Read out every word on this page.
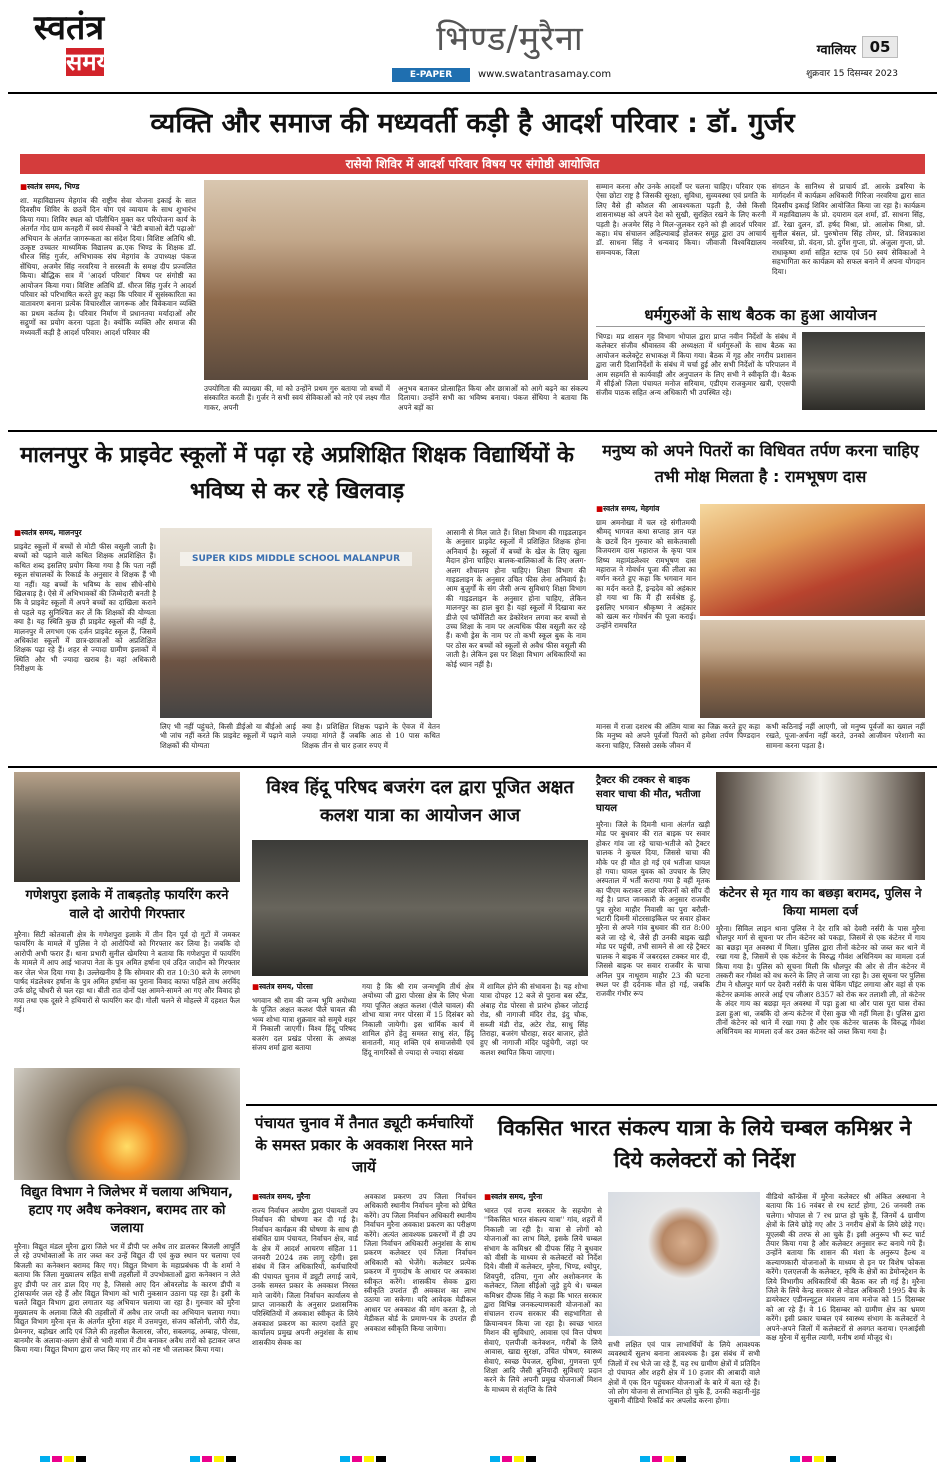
स्वतंत्र
समय
भिण्ड/मुरैना
E-PAPER	www.swatantrasamay.com
ग्वालियर 05
शुक्रवार 15 दिसम्बर 2023
व्यक्ति और समाज की मध्यवर्ती कड़ी है आदर्श परिवार : डॉ. गुर्जर
रासेयो शिविर में आदर्श परिवार विषय पर संगोष्ठी आयोजित
■ स्वतंत्र समय, भिण्ड
शा. महाविद्यालय मेहगांव की राष्ट्रीय सेवा योजना इकाई के सात दिवसीय शिविर के छठवें दिन योग एवं व्यायाम के साथ शुभारंभ किया गया। शिविर स्थल को पॉलीथिन मुक्त कर परियोजना कार्य के अंतर्गत गोद ग्राम कनहरी में स्वयं सेवकों ने 'बेटी बचाओ बेटी पढ़ाओ' अभियान के अंतर्गत जागरूकता का संदेश दिया। विशिष्ट अतिथि श्री. उत्कृष्ट उच्चतर माध्यमिक विद्यालय क्र.एक भिण्ड के शिक्षक डॉ. धीरज सिंह गुर्जर, अभिभावक संघ मेहगांव के उपाध्यक्ष पंकज सेंथिया, अजमेर सिंह नरवरिया ने सरस्वती के समक्ष दीप प्रज्वलित किया। बौद्धिक सत्र में 'आदर्श परिवार' विषय पर संगोष्ठी का आयोजन किया गया। विशिष्ट अतिथि डॉ. धीरज सिंह गुर्जर ने आदर्श परिवार को परिभाषित करते हुए कहा कि परिवार में सुसंस्कारिता का वातावरण बनाना प्रत्येक विचारशील जागरूक और विवेकवान व्यक्ति का प्रथम कर्तव्य है। परिवार निर्माण में प्रधानतया मर्यादाओं और सद्गुणों का प्रयोग करना पड़ता है। क्योंकि व्यक्ति और समाज की मध्यवर्ती कड़ी है आदर्श परिवार। आदर्श परिवार की
उपयोगिता की व्याख्या की, मां को उन्होंने प्रथम गुरु बताया जो बच्चों में संस्कारित करती हैं। गुर्जर ने सभी स्वयं सेविकाओं को नारे एवं लक्ष्य गीत गाकर, अपनी
अनुभव बताकर प्रोत्साहित किया और छात्राओं को आगे बढ़ने का संकल्प दिलाया। उन्होंने सभी का भविष्य बनाया। पंकज सेंथिया ने बताया कि अपने बड़ों का
सम्मान करना और उनके आदर्शों पर चलना चाहिए। परिवार एक ऐसा छोटा राष्ट्र है जिसकी सुरक्षा, सुविधा, सुव्यवस्था एवं प्रगति के लिए वैसे ही कौशल की आवश्यकता पड़ती है, जैसे किसी शासनाध्यक्ष को अपने देश को सुखी, सुरक्षित रखने के लिए करनी पड़ती है। अजमेर सिंह ने मिल-जुलकर रहने को ही आदर्श परिवार कहा। मंच संचालन अहिल्याबाई होलकर समूह द्वारा उप आचार्य डॉ. साधना सिंह ने धन्यवाद किया। जीवाजी विश्वविद्यालय समन्वयक, जिला
संगठन के सानिध्य से प्राचार्य डॉ. आरके डबरिया के मार्गदर्शन में कार्यक्रम अधिकारी गिरिजा नरवरिया द्वारा सात दिवसीय इकाई शिविर आयोजित किया जा रहा है। कार्यक्रम में महाविद्यालय के प्रो. दयाराम दल शर्मा, डॉ. साधना सिंह, डॉ. रेखा दुलन, डॉ. हर्षद मिश्रा, प्रो. आलोक मिश्रा, प्रो. सुनील बंसल, प्रो. पुरुषोत्तम सिंह तोमर, प्रो. शिवप्रकाश नरवरिया, प्रो. वंदना, प्रो. दुर्गेश गुप्ता, प्रो. अंजुला गुप्ता, प्रो. राधाकृष्ण शर्मा सहित स्टाफ एवं 50 स्वयं सेविकाओं ने सहभागिता कर कार्यक्रम को सफल बनाने में अपना योगदान दिया।
धर्मगुरुओं के साथ बैठक का हुआ आयोजन
भिण्ड। मप्र शासन गृह विभाग भोपाल द्वारा प्राप्त नवीन निर्देशों के संबंध में कलेक्टर संजीव श्रीवास्तव की अध्यक्षता में धर्मगुरुओं के साथ बैठक का आयोजन कलेक्ट्रेट सभाकक्ष में किया गया। बैठक में गृह और नगरीय प्रशासन द्वारा जारी दिशानिर्देशों के संबंध में चर्चा हुई और सभी निर्देशों के परिपालन में आम सहमति से कार्यवाही और अनुपालन के लिए सभी ने स्वीकृति दी। बैठक में सीईओ जिला पंचायत मनोज सरियाम, एडीएम राजकुमार खत्री, एएसपी संजीव पाठक सहित अन्य अधिकारी भी उपस्थित रहे।
मालनपुर के प्राइवेट स्कूलों में पढ़ा रहे अप्रशिक्षित शिक्षक विद्यार्थियों के भविष्य से कर रहे खिलवाड़
■ स्वतंत्र समय, मालनपुर
प्राइवेट स्कूलों में बच्चों से मोटी फीस वसूली जाती है। बच्चों को पढ़ाने वाले कथित शिक्षक अप्रशिक्षित हैं। कथित शब्द इसलिए प्रयोग किया गया है कि पता नहीं स्कूल संचालकों के रिकार्ड के अनुसार वे शिक्षक हैं भी या नहीं। यह बच्चों के भविष्य के साथ सीधे-सीधे खिलवाड़ है। ऐसे में अभिभावकों की जिम्मेदारी बनती है कि वे प्राइवेट स्कूलों में अपने बच्चों का दाखिला कराने से पहले यह सुनिश्चित कर लें कि शिक्षकों की योग्यता क्या है। यह स्थिति कुछ ही प्राइवेट स्कूलों की नहीं है, मालनपुर में लगभग एक दर्जन प्राइवेट स्कूल हैं, जिसमें अधिकांश स्कूलों में छात्र-छात्राओं को अप्रशिक्षित शिक्षक पढ़ा रहे हैं। शहर से ज्यादा ग्रामीण इलाकों में स्थिति और भी ज्यादा खराब है। वहां अधिकारी निरीक्षण के
SUPER KIDS MIDDLE SCHOOL MALANPUR
लिए भी नहीं पहुंचते, किसी डीईओ या बीईओ आई भी जांच नहीं करते कि प्राइवेट स्कूलों में पढ़ाने वाले शिक्षकों की योग्यता
क्या है। प्रशिक्षित शिक्षक पढ़ाने के ऐवज में वेतन ज्यादा मांगते हैं जबकि आठ से 10 पास कथित शिक्षक तीन से चार हजार रुपए में
आसानी से मिल जाते हैं। शिक्षा विभाग की गाइडलाइन के अनुसार प्राइवेट स्कूलों में प्रशिक्षित शिक्षक होना अनिवार्य है। स्कूलों में बच्चों के खेल के लिए खुला मैदान होना चाहिए। बालक-बालिकाओं के लिए अलग-अलग शौचालय होना चाहिए। शिक्षा विभाग की गाइडलाइन के अनुसार उचित फीस लेना अनिवार्य है। आम बुज़ुर्गों के संग जैसी अन्य सुविधाएं शिक्षा विभाग की गाइडलाइन के अनुसार होना चाहिए, लेकिन मालनपुर का हाल बुरा है। यहां स्कूलों में दिखावा कर डीजे एवं फॉर्मेलिटी कर डेकोरेशन लगवा कर बच्चों से उच्च शिक्षा के नाम पर अत्यधिक फीस वसूली कर रहे हैं। कभी ड्रेस के नाम पर तो कभी स्कूल बुक के नाम पर ठोस कर बच्चों को स्कूलों से अवैध फीस वसूली की जाती है। लेकिन इस पर शिक्षा विभाग अधिकारियों का कोई ध्यान नहीं है।
मनुष्य को अपने पितरों का विधिवत तर्पण करना चाहिए तभी मोक्ष मिलता है : रामभूषण दास
■ स्वतंत्र समय, मेहगांव
ग्राम अमनोखा में चल रहे संगीतमयी श्रीमद् भागवत कथा सप्ताह ज्ञान यज्ञ के छटवें दिन गुरुवार को साकेतवासी विजयराम दास महाराज के कृपा पात्र शिष्य महामंडलेश्वर रामभूषण दास महाराज ने गोवर्धन पूजा की लीला का वर्णन करते हुए कहा कि भगवान मान का मर्दन करते हैं, इन्द्रदेव को अहंकार हो गया था कि मैं ही सर्वश्रेष्ठ हूं, इसलिए भगवान श्रीकृष्ण ने अहंकार को खत्म कर गोवर्धन की पूजा कराई। उन्होंने रामचरित
मानस में राजा दशरथ की अंतिम यात्रा का जिक्र करते हुए कहा कि मनुष्य को अपने पूर्वजों पितरों को हमेशा तर्पण पिण्डदान करना चाहिए, जिससे उसके जीवन में
कभी कठिनाई नहीं आएगी, जो मनुष्य पूर्वजों का ख्याल नहीं रखते, पूजा-अर्चना नहीं करते, उनको आजीवन परेशानी का सामना करना पड़ता है।
गणेशपुरा इलाके में ताबड़तोड़ फायरिंग करने वाले दो आरोपी गिरफ्तार
मुरैना। सिटी कोतवाली क्षेत्र के गणेशपुरा इलाके में तीन दिन पूर्व दो गुटों में जमकर फायरिंग के मामले में पुलिस ने दो आरोपियों को गिरफ्तार कर लिया है। जबकि दो आरोपी अभी फरार हैं। थाना प्रभारी सुनील खेमरिया ने बताया कि गणेशपुरा में फायरिंग के मामले में आप आई भाजपा नेता के पुत्र अमित हर्षाना एवं उदित जादौन को गिरफ्तार कर जेल भेज दिया गया है। उल्लेखनीय है कि सोमवार की रात 10:30 बजे के लगभग पार्षद मंडलेश्वर हर्षाना के पुत्र अमित हर्षाना का पुराना विवाद काफा पहिले ताथ अरविंद उर्फ छोटू चौधरी से चल रहा था। बीती रात दोनों पक्ष आमने-सामने आ गए और विवाद हो गया तथा एक दूसरे ने हथियारों से फायरिंग कर दी। गोली चलने से मोहल्ले में दहशत फैल गई।
विश्व हिंदू परिषद बजरंग दल द्वारा पूजित अक्षत कलश यात्रा का आयोजन आज
■ स्वतंत्र समय, पोरसा
भगवान श्री राम की जन्म भूमि अयोध्या के पूजित अक्षत कलश पीले चावल की भव्य शोभा यात्रा शुक्रवार को समूचे शहर में निकाली जाएगी। विश्व हिंदू परिषद बजरंग दल प्रखंड पोरसा के अध्यक्ष संजय शर्मा द्वारा बताया
गया है कि श्री राम जन्मभूमि तीर्थ क्षेत्र अयोध्या जी द्वारा पोरसा क्षेत्र के लिए भेजा गया पूजित अक्षत कलश (पीले चावल) की शोभा यात्रा नगर पोरसा में 15 दिसंबर को निकाली जायेगी। इस धार्मिक कार्य में शामिल होने हेतु समस्त साधु संत, हिंदू सनातनी, मातृ शक्ति एवं समाजसेवी एवं हिंदू नागरिकों से ज्यादा से ज्यादा संख्या
में शामिल होने की संभावना है। यह शोभा यात्रा दोपहर 12 बजे से पुराना बस स्टैंड, अंबाह रोड पोरसा से प्रारंभ होकर जोटाई रोड, श्री नागाजी मंदिर रोड, इंदु चौक, सब्जी मंडी रोड, अटेर रोड, साधु सिंह तिराहा, बजरंग चौराहा, सदर बाजार, होते हुए श्री नागाजी मंदिर पहुंचेगी, जहां पर कलश स्थापित किया जाएगा।
ट्रैक्टर की टक्कर से बाइक सवार चाचा की मौत, भतीजा घायल
मुरैना। जिले के दिमनी थाना अंतर्गत खड़ी मोड पर बुधवार की रात बाइक पर सवार होकर गांव जा रहे चाचा-भतीजे को ट्रैक्टर चालक ने कुचल दिया, जिससे चाचा की मौके पर ही मौत हो गई एवं भतीजा घायल हो गया। घायल युवक को उपचार के लिए अस्पताल में भर्ती कराया गया है वहीं मृतक का पीएम कराकर लाश परिजनों को सौंप दी गई है। प्राप्त जानकारी के अनुसार राजवीर पुत्र सुरेश माहौर निवासी का पुरा बरौली-भटारी दिमनी मोटरसाइकिल पर सवार होकर मुरैना से अपने गांव बुधवार की रात 8:00 बजे जा रहे थे, जैसे ही उनकी बाइक खड़ी मोड पर पहुंची, तभी सामने से आ रहे ट्रैक्टर चालक ने बाइक में जबरदस्त टक्कर मार दी, जिससे बाइक पर सवार राजवीर के चाचा अनिल पुत्र नाथूराम माहौर 23 की घटना स्थल पर ही दर्दनाक मौत हो गई, जबकि राजवीर गंभीर रूप
कंटेनर से मृत गाय का बछड़ा बरामद, पुलिस ने किया मामला दर्ज
मुरैना। सिविल लाइन थाना पुलिस ने देर रात्रि को देवरी नर्सरी के पास मुरैना धौलपुर मार्ग से सूचना पर तीन कंटेनर को पकड़ा, जिसमें से एक कंटेनर में गाय का बछड़ा मृत अवस्था में मिला। पुलिस द्वारा तीनों कंटेनर को जब्त कर थाने में रखा गया है, जिसमें से एक कंटेनर के विरुद्ध गौवंश अधिनियम का मामला दर्ज किया गया है। पुलिस को सूचना मिली कि धौलपुर की ओर से तीन कंटेनर में तस्करी कर गौवंश को वध करने के लिए ले जाया जा रहा है। उस सूचना पर पुलिस टीम ने धौलपुर मार्ग पर देवरी नर्सरी के पास चेकिंग पॉइंट लगाया और वहां से एक कंटेनर क्रमांक आरजे आई एच जीआर 8357 को रोक कर तलाशी ली, तो कंटेनर के अंदर गाय का बछड़ा मृत अवस्था में पड़ा हुआ था और पास पूरा घास रोका डला हुआ था, जबकि दो अन्य कंटेनर में ऐसा कुछ भी नहीं मिला है। पुलिस द्वारा तीनों कंटेनर को थाने में रखा गया है और एक कंटेनर चालक के विरुद्ध गौवंश अधिनियम का मामला दर्ज कर उक्त कंटेनर को जब्त किया गया है।
विद्युत विभाग ने जिलेभर में चलाया अभियान, हटाए गए अवैध कनेक्शन, बरामद तार को जलाया
मुरैना। विद्युत मंडल मुरैना द्वारा जिले भर में डीपी पर अवैध तार डालकर बिजली आपूर्ति ले रहे उपभोक्ताओं के तार जब्त कर उन्हें विद्युत दी एवं कुछ स्थान पर चलाया एवं बिजली का कनेक्शन बरामद किए गए। विद्युत विभाग के महाप्रबंधक पी के शर्मा ने बताया कि जिला मुख्यालय सहित सभी तहसीलों में उपभोक्ताओं द्वारा कनेक्शन न लेते हुए डीपी पर तार डाल दिए गए है, जिससे आए दिन ओवरलोड के कारण डीपी व ट्रांसफार्मर जल रहे हैं और विद्युत विभाग को भारी नुकसान उठाना पड़ रहा है। इसी के चलते विद्युत विभाग द्वारा लगातार यह अभियान चलाया जा रहा है। गुरुवार को मुरैना मुख्यालय के अलावा जिले की तहसीलों में अवैध तार जप्ती का अभियान चलाया गया। विद्युत विभाग मुरैना वृत्त के अंतर्गत मुरैना शहर में उत्तमपुरा, संजय कॉलोनी, जौरी रोड, प्रेमनगर, बड़ोखर आदि एवं जिले की तहसील कैलारस, जौरा, सबलगढ़, अम्बाह, पोरसा, बानमौर के अलावा-अलग क्षेत्रों से भारी मात्रा में टीम बनाकर अवैध तारों को हटाकर जप्त किया गया। विद्युत विभाग द्वारा जप्त किए गए तार को नष्ट भी जलाकर किया गया।
पंचायत चुनाव में तैनात ड्यूटी कर्मचारियों के समस्त प्रकार के अवकाश निरस्त माने जायें
■ स्वतंत्र समय, मुरैना
राज्य निर्वाचन आयोग द्वारा पंचायतों उप निर्वाचन की घोषणा कर दी गई है। निर्वाचन कार्यक्रम की घोषणा के साथ ही संबंधित ग्राम पंचायत, निर्वाचन क्षेत्र, वार्ड के क्षेत्र में आदर्श आचरण संहिता 11 जनवरी 2024 तक लागू रहेगी। इस संबंध में जिन अधिकारियों, कर्मचारियों की पंचायत चुनाव में ड्यूटी लगाई जाये, उनके समस्त प्रकार के अवकाश निरस्त माने जायेंगे। जिला निर्वाचन कार्यालय से प्राप्त जानकारी के अनुसार प्रशासनिक परिस्थितियों में अवकाश स्वीकृत के लिये अवकाश प्रकरण का कारण दर्शाते हुए कार्यालय प्रमुख अपनी अनुशंसा के साथ शासकीय सेवक का
अवकाश प्रकरण उप जिला निर्वाचन अधिकारी स्थानीय निर्वाचन मुरैना को प्रेषित करेंगे। उप जिला निर्वाचन अधिकारी स्थानीय निर्वाचन मुरैना अवकाश प्रकरण का परीक्षण करेंगे। अत्यंत आवश्यक प्रकरणों में ही उप जिला निर्वाचन अधिकारी अनुशंसा के साथ प्रकरण कलेक्टर एवं जिला निर्वाचन अधिकारी को भेजेंगे। कलेक्टर प्रत्येक प्रकरण में गुणदोष के आधार पर अवकाश स्वीकृत करेंगे। शासकीय सेवक द्वारा स्वीकृति उपरांत ही अवकाश का लाभ उठाया जा सकेगा। यदि आवेदक मेडीकल आधार पर अवकाश की मांग करता है, तो मेडीकल बोर्ड के प्रमाण-पत्र के उपरांत ही अवकाश स्वीकृति किया जायेगा।
विकसित भारत संकल्प यात्रा के लिये चम्बल कमिश्नर ने दिये कलेक्टरों को निर्देश
■ स्वतंत्र समय, मुरैना
भारत एवं राज्य सरकार के सहयोग से ''विकसित भारत संकल्प यात्रा'' गांव, शहरों में निकाली जा रही है। यात्रा से लोगों को योजनाओं का लाभ मिले, इसके लिये चम्बल संभाग के कमिश्नर श्री दीपक सिंह ने बुधवार को वीसी के माध्यम से कलेक्टरों को निर्देश दिये। वीसी में कलेक्टर, मुरैना, भिण्ड, श्योपुर, शिवपुरी, दतिया, गुना और अशोकनगर के कलेक्टर, जिला सीईओ जुड़े हुये थे। चम्बल कमिश्नर दीपक सिंह ने कहा कि भारत सरकार द्वारा विभिन्न जनकल्याणकारी योजनाओं का संचालन राज्य सरकार की सहभागिता से क्रियान्वयन किया जा रहा है। स्वच्छ भारत मिशन की सुविधाएं, आवास एवं वित्त पोषण सेवाएं, एलपीजी कनेक्शन, गरीबों के लिये आवास, खाद्य सुरक्षा, उचित पोषण, स्वास्थ्य सेवाएं, स्वच्छ पेयजल, सुविधा, गुणवत्ता पूर्ण शिक्षा आदि जैसी बुनियादी सुविधाएं प्रदान करने के लिये अपनी प्रमुख योजनाओं मिशन के माध्यम से संतृप्ति के लिये
सभी लक्षित एवं पात्र लाभार्थियों के लिये आवश्यक व्यवस्थायें सुलभ बनाना आवश्यक है। इस संबंध में सभी जिलों में रथ भेजे जा रहे हैं, यह रथ ग्रामीण क्षेत्रों में प्रतिदिन दो पंचायत और शहरी क्षेत्र में 10 हजार की आबादी वाले क्षेत्रों में एक दिन पहुंचकर योजनाओं के बारे में बता रहे हैं। जो लोग योजना से लाभान्वित हो चुके हैं, उनकी कहानी-मुंह जुबानी वीडियो रिकॉर्ड कर अपलोड करना होगा।
वीडियो कॉन्फ्रेंस में मुरैना कलेक्टर श्री अंकित अस्थाना ने बताया कि 16 नवंबर से रथ स्टार्ट होगा, 26 जनवरी तक चलेगा। भोपाल से 7 रथ प्राप्त हो चुके हैं, जिनमें 4 ग्रामीण क्षेत्रों के लिये छोड़े गए और 3 नगरीय क्षेत्रों के लिये छोड़े गए। यूएलबी की तरफ से आ चुके हैं। इसी अनुरूप भी रूट चार्ट तैयार किया गया है और कलेक्टर अनुसार रूट बनाये गये हैं। उन्होंने बताया कि शासन की मंशा के अनुरूप हैल्थ व कल्याणकारी योजनाओं के माध्यम से इन पर विशेष फोकस करेंगे। एलएलजी के कलेक्टर, कृषि के क्षेत्रों का डेमोन्स्ट्रेशन के लिये विभागीय अधिकारियों की बैठक कर ली गई है। मुरैना जिले के लिये केन्द्र सरकार से नोडल अधिकारी 1995 बैच के डायरेक्टर एडीनल्यूट्रल मंत्रालय नाम मनोज को 15 दिसम्बर को आ रहे हैं। वे 16 दिसम्बर को ग्रामीण क्षेत्र का भ्रमण करेंगे। इसी प्रकार चम्बल एवं स्वास्थ्य संभाग के कलेक्टरों ने अपने-अपने जिलों में कलेक्टरों से अवगत कराया। एनआईसी कक्ष मुरैना में सुनील त्यागी, मनीष शर्मा मौजूद थे।
